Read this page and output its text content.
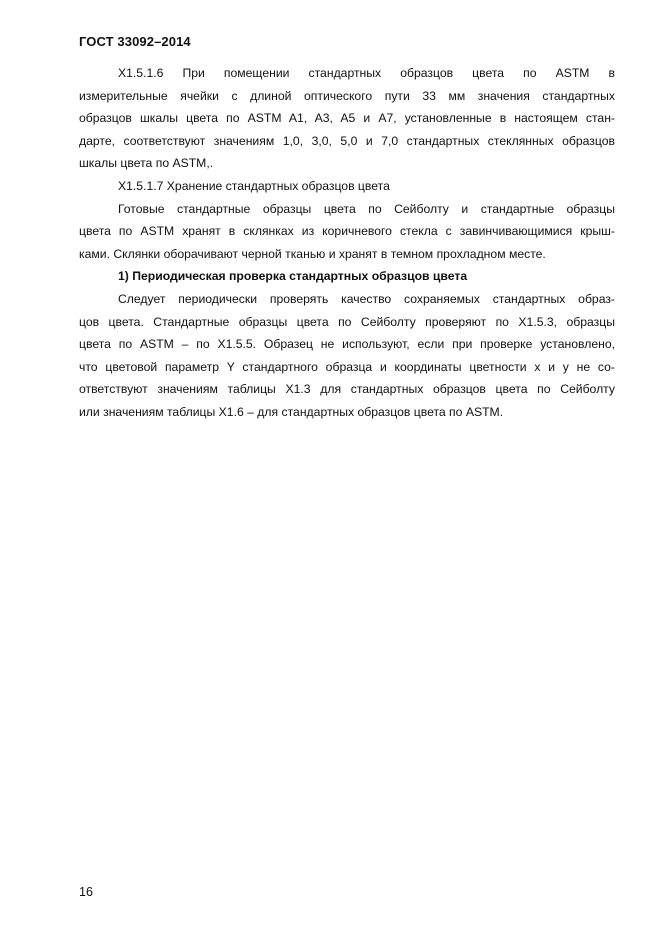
ГОСТ 33092–2014
X1.5.1.6 При помещении стандартных образцов цвета по ASTM в
измерительные ячейки с длиной оптического пути 33 мм значения стандартных
образцов шкалы цвета по ASTM A1, A3, A5 и A7, установленные в настоящем стан-
дарте, соответствуют значениям 1,0, 3,0, 5,0 и 7,0 стандартных стеклянных образцов
шкалы цвета по ASTM,.
X1.5.1.7 Хранение стандартных образцов цвета
Готовые стандартные образцы цвета по Сейболту и стандартные образцы
цвета по ASTM хранят в склянках из коричневого стекла с завинчивающимися крыш-
ками. Склянки оборачивают черной тканью и хранят в темном прохладном месте.
1) Периодическая проверка стандартных образцов цвета
Следует периодически проверять качество сохраняемых стандартных образ-
цов цвета. Стандартные образцы цвета по Сейболту проверяют по X1.5.3, образцы
цвета по ASTM – по X1.5.5. Образец не используют, если при проверке установлено,
что цветовой параметр Y стандартного образца и координаты цветности x и y не со-
ответствуют значениям таблицы X1.3 для стандартных образцов цвета по Сейболту
или значениям таблицы X1.6 – для стандартных образцов цвета по ASTM.
16
